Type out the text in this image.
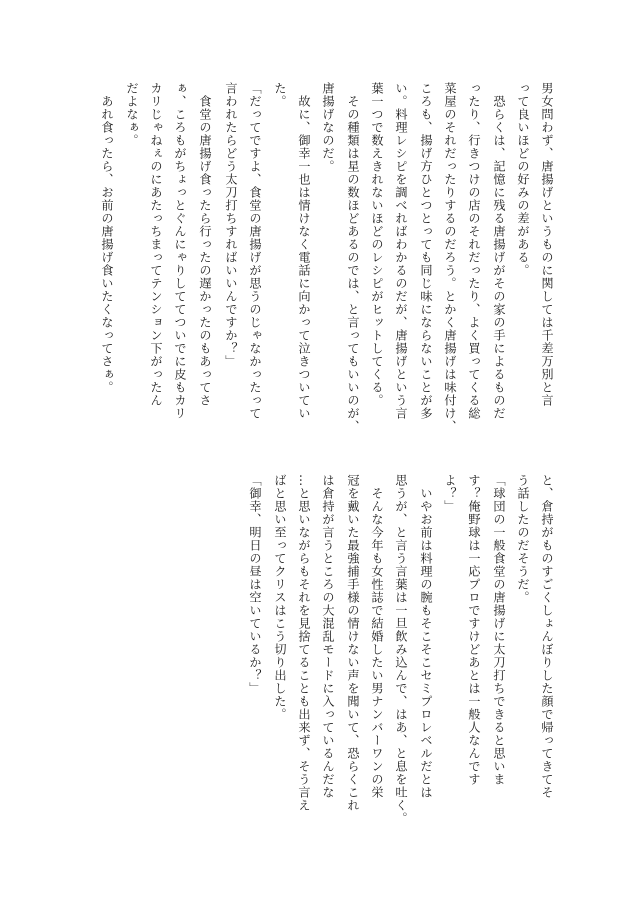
男女問わず、唐揚げというものに関しては千差万別と言
って良いほどの好みの差がある。
　恐らくは、記憶に残る唐揚げがその家の手によるものだ
ったり、行きつけの店のそれだったり、よく買ってくる総
菜屋のそれだったりするのだろう。とかく唐揚げは味付け、
ころも、揚げ方ひとつとっても同じ味にならないことが多
い。料理レシピを調べればわかるのだが、唐揚げという言
葉一つで数えきれないほどのレシピがヒットしてくる。
　その種類は星の数ほどあるのでは、と言ってもいいのが、
唐揚げなのだ。
　故に、御幸一也は情けなく電話に向かって泣きついてい
た。
「だってですよ、食堂の唐揚げが思うのじゃなかったって
言われたらどう太刀打ちすればいいんですか？」
　食堂の唐揚げ食ったら行ったの遅かったのもあってさ
ぁ、ころもがちょっとぐんにゃりしててついでに皮もカリ
カリじゃねぇのにあたっちまってテンション下がったん
だよなぁ。
　あれ食ったら、お前の唐揚げ食いたくなってさぁ。
と、倉持がものすごくしょんぼりした顔で帰ってきてそ
う話したのだそうだ。
「球団の一般食堂の唐揚げに太刀打ちできると思いま
す？俺野球は一応プロですけどあとは一般人なんです
よ？」
　いやお前は料理の腕もそこそこセミプロレベルだとは
思うが、と言う言葉は一旦飲み込んで、はあ、と息を吐く。
　そんな今年も女性誌で結婚したい男ナンバーワンの栄
冠を戴いた最強捕手様の情けない声を聞いて、恐らくこれ
は倉持が言うところの大混乱モードに入っているんだな
…と思いながらもそれを見捨てることも出来ず、そう言え
ばと思い至ってクリスはこう切り出した。
「御幸、明日の昼は空いているか？」
